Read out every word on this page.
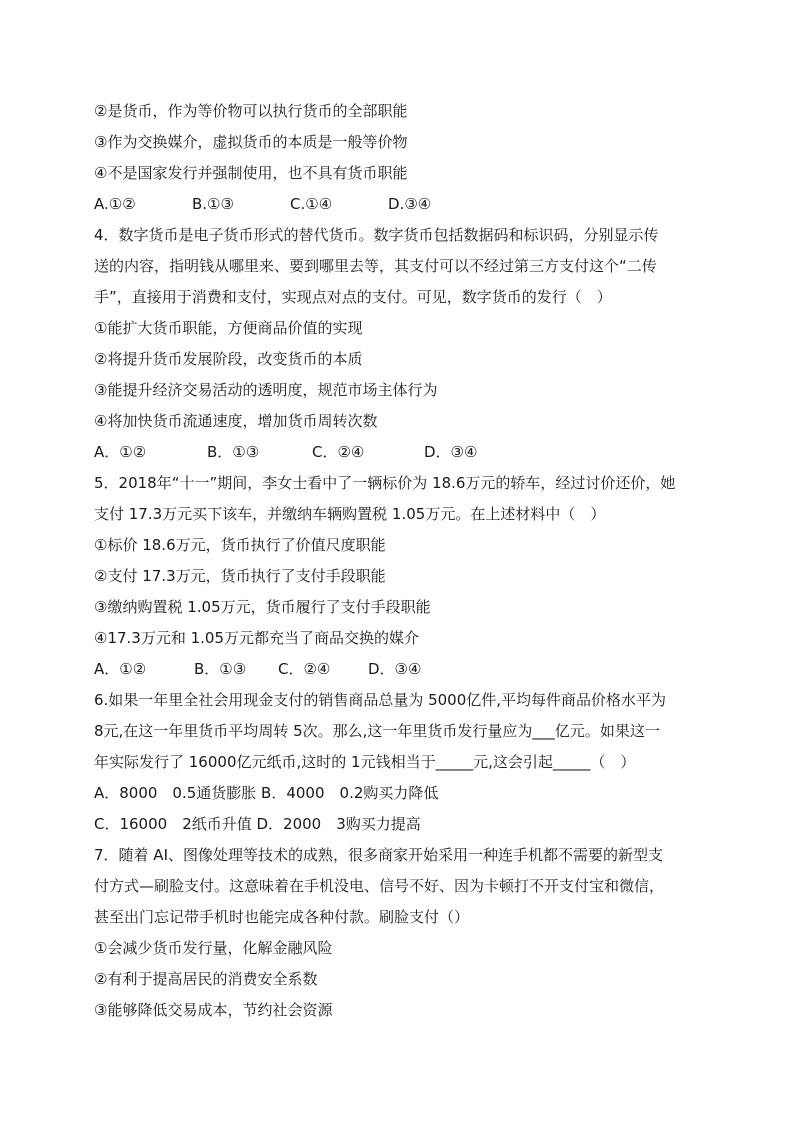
②是货币，作为等价物可以执行货币的全部职能
③作为交换媒介，虚拟货币的本质是一般等价物
④不是国家发行并强制使用，也不具有货币职能
A.①②	B.①③	C.①④	D.③④
4．数字货币是电子货币形式的替代货币。数字货币包括数据码和标识码，分别显示传
送的内容，指明钱从哪里来、要到哪里去等，其支付可以不经过第三方支付这个“二传
手”，直接用于消费和支付，实现点对点的支付。可见，数字货币的发行（　）
①能扩大货币职能，方便商品价值的实现
②将提升货币发展阶段，改变货币的本质
③能提升经济交易活动的透明度，规范市场主体行为
④将加快货币流通速度，增加货币周转次数
A．①②	B．①③	C．②④	D．③④
5．2018年“十一”期间，李女士看中了一辆标价为 18.6万元的轿车，经过讨价还价，她
支付 17.3万元买下该车，并缴纳车辆购置税 1.05万元。在上述材料中（　）
①标价 18.6万元，货币执行了价值尺度职能
②支付 17.3万元，货币执行了支付手段职能
③缴纳购置税 1.05万元，货币履行了支付手段职能
④17.3万元和 1.05万元都充当了商品交换的媒介
A．①②	B．①③	C．②④	D．③④
6.如果一年里全社会用现金支付的销售商品总量为 5000亿件,平均每件商品价格水平为
8元,在这一年里货币平均周转 5次。那么,这一年里货币发行量应为___亿元。如果这一
年实际发行了 16000亿元纸币,这时的 1元钱相当于_____元,这会引起_____（　）
A．8000　0.5通货膨胀 B．4000　0.2购买力降低
C．16000　2纸币升值 D．2000　3购买力提高
7．随着 AI、图像处理等技术的成熟，很多商家开始采用一种连手机都不需要的新型支
付方式—刷脸支付。这意味着在手机没电、信号不好、因为卡顿打不开支付宝和微信，
甚至出门忘记带手机时也能完成各种付款。刷脸支付（）
①会减少货币发行量，化解金融风险
②有利于提高居民的消费安全系数
③能够降低交易成本，节约社会资源
